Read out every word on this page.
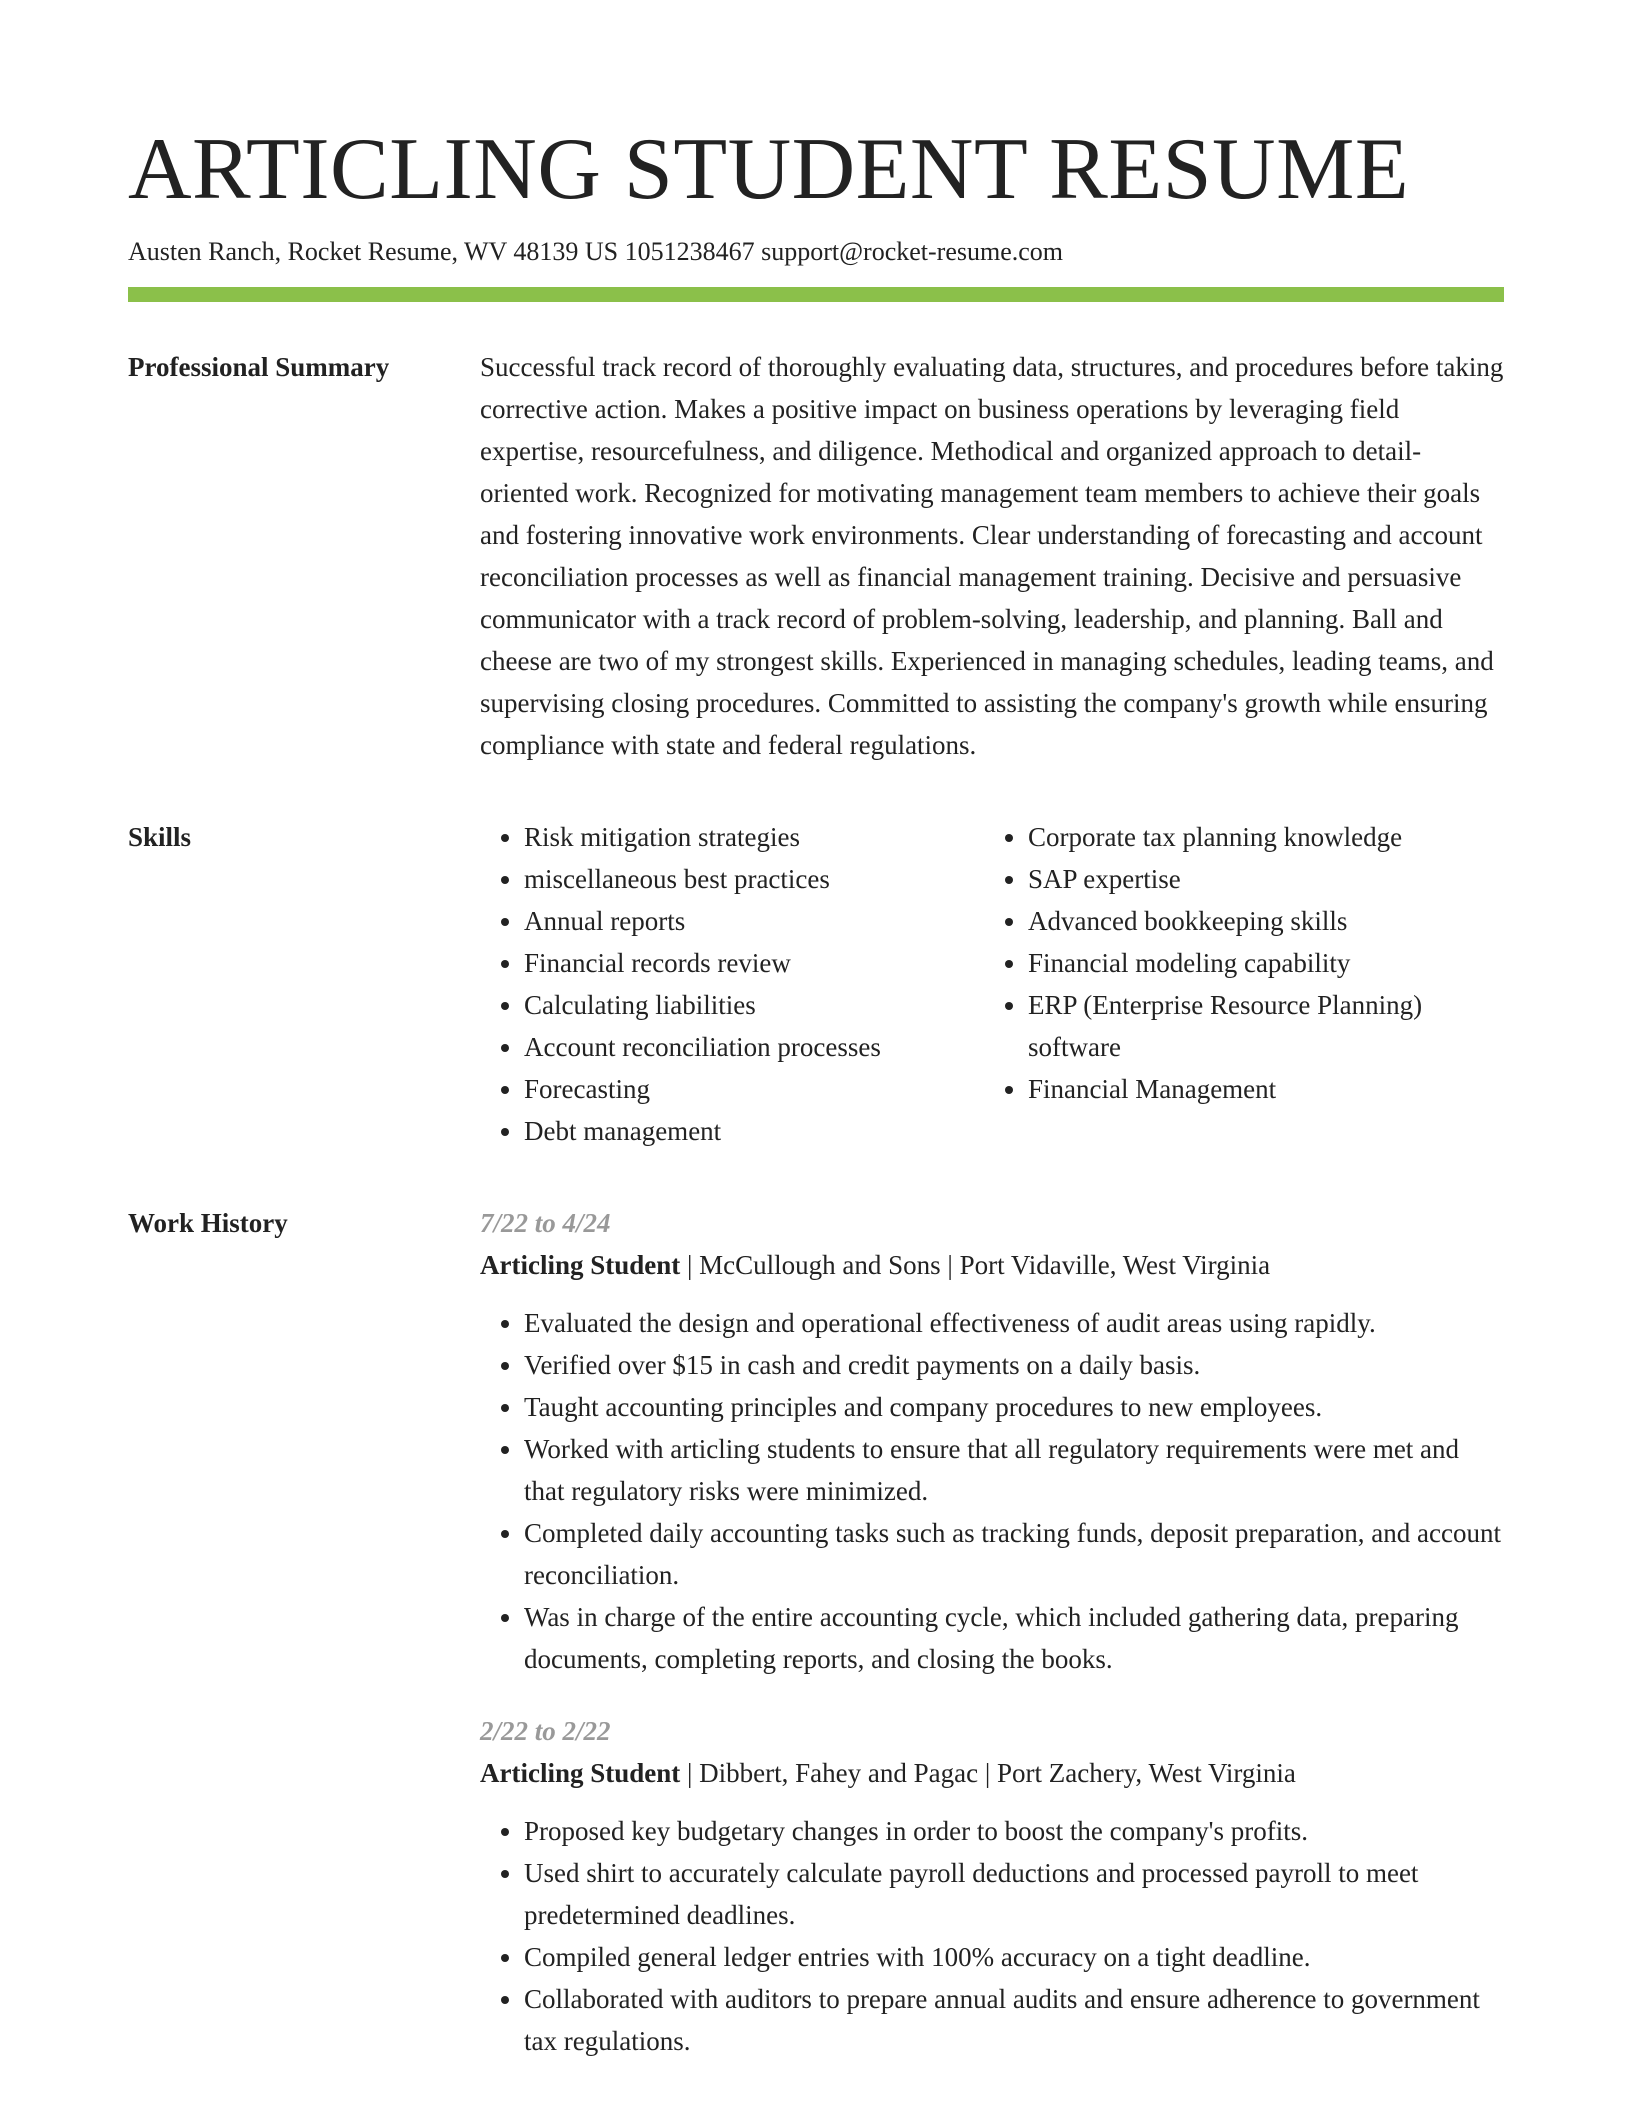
ARTICLING STUDENT RESUME
Austen Ranch, Rocket Resume, WV 48139 US 1051238467 support@rocket-resume.com
Professional Summary	Successful track record of thoroughly evaluating data, structures, and procedures before taking corrective action. Makes a positive impact on business operations by leveraging field expertise, resourcefulness, and diligence. Methodical and organized approach to detail-oriented work. Recognized for motivating management team members to achieve their goals and fostering innovative work environments. Clear understanding of forecasting and account reconciliation processes as well as financial management training. Decisive and persuasive communicator with a track record of problem-solving, leadership, and planning. Ball and cheese are two of my strongest skills. Experienced in managing schedules, leading teams, and supervising closing procedures. Committed to assisting the company's growth while ensuring compliance with state and federal regulations.

Skills
•	Risk mitigation strategies
• miscellaneous best practices
• Annual reports
• Financial records review
• Calculating liabilities
• Account reconciliation processes
• Forecasting
• Debt management
• Corporate tax planning knowledge
• SAP expertise
• Advanced bookkeeping skills
• Financial modeling capability
• ERP (Enterprise Resource Planning) software
• Financial Management
Work History	7/22 to 4/24
Articling Student | McCullough and Sons | Port Vidaville, West Virginia
• Evaluated the design and operational effectiveness of audit areas using rapidly.
• Verified over $15 in cash and credit payments on a daily basis.
• Taught accounting principles and company procedures to new employees.
• Worked with articling students to ensure that all regulatory requirements were met and that regulatory risks were minimized.
• Completed daily accounting tasks such as tracking funds, deposit preparation, and account reconciliation.
• Was in charge of the entire accounting cycle, which included gathering data, preparing documents, completing reports, and closing the books.
2/22 to 2/22
Articling Student | Dibbert, Fahey and Pagac | Port Zachery, West Virginia
• Proposed key budgetary changes in order to boost the company's profits.
• Used shirt to accurately calculate payroll deductions and processed payroll to meet predetermined deadlines.
• Compiled general ledger entries with 100% accuracy on a tight deadline.
• Collaborated with auditors to prepare annual audits and ensure adherence to government tax regulations.
